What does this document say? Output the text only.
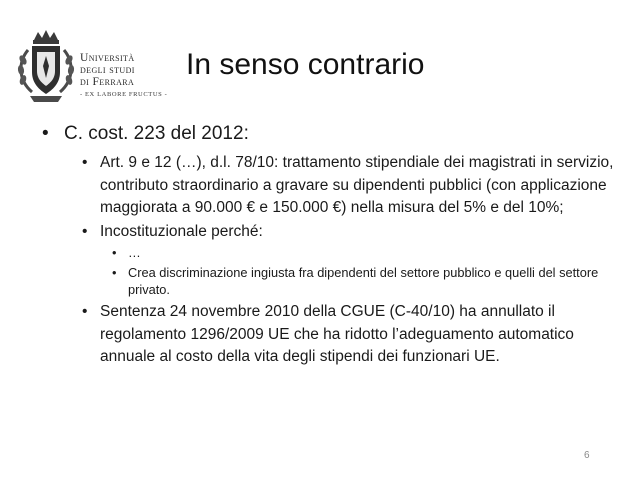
Università
degli studi
di Ferrara
- EX LABORE FRUCTUS -
In senso contrario
• C. cost. 223 del 2012:
• Art. 9 e 12 (…), d.l. 78/10: trattamento stipendiale dei magistrati in servizio, contributo straordinario a gravare su dipendenti pubblici (con applicazione maggiorata a 90.000 € e 150.000 €) nella misura del 5% e del 10%;
• Incostituzionale perché:
• …
• Crea discriminazione ingiusta fra dipendenti del settore pubblico e quelli del settore privato.
• Sentenza 24 novembre 2010 della CGUE (C-40/10) ha annullato il regolamento 1296/2009 UE che ha ridotto l’adeguamento automatico annuale al costo della vita degli stipendi dei funzionari UE.
6
